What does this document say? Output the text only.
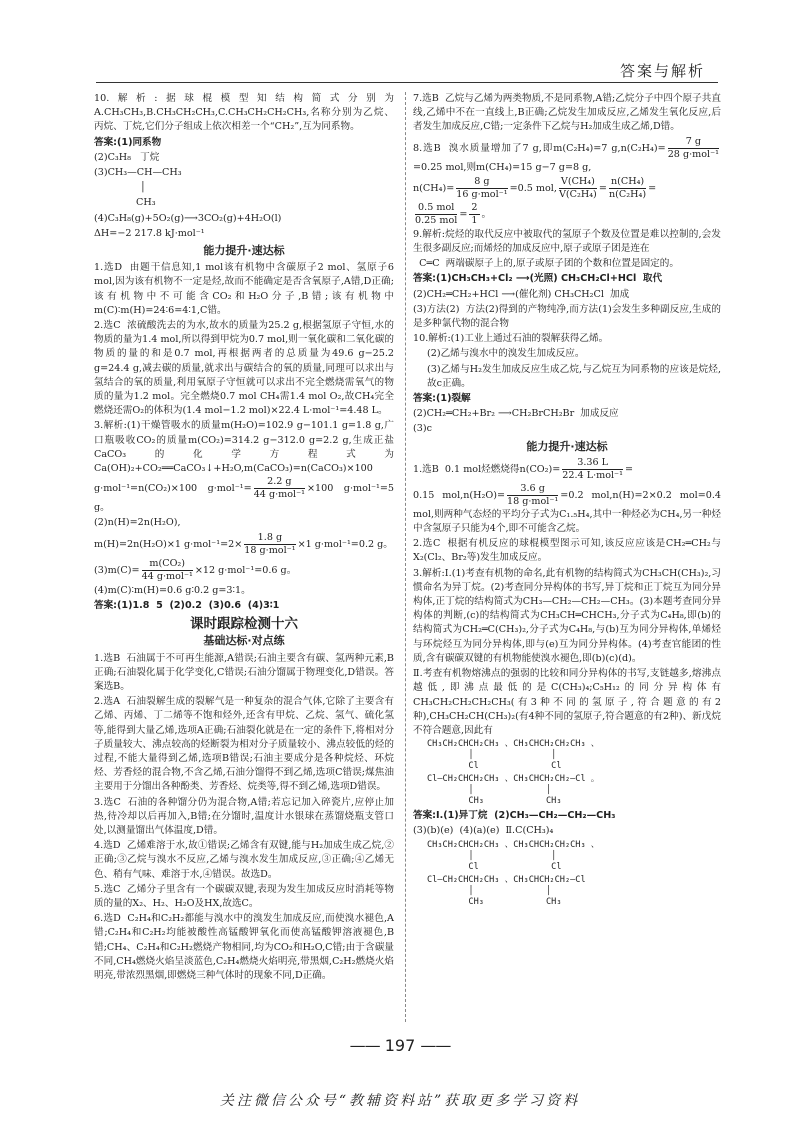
答案与解析

10.解析:据球棍模型知结构简式分别为A.CH₃CH₃,B.CH₃CH₂CH₃,C.CH₃CH₂CH₂CH₃,名称分别为乙烷、丙烷、丁烷,它们分子组成上依次相差一个“CH₂”,互为同系物。

答案:(1)同系物

(2)C₃H₈   丁烷

(3)CH₃—CH—CH₃

│

CH₃

(4)C₃H₈(g)+5O₂(g)⟶3CO₂(g)+4H₂O(l)

ΔH=−2 217.8 kJ·mol⁻¹

能力提升·速达标

1.选D  由题干信息知,1 mol该有机物中含碳原子2 mol、氢原子6 mol,因为该有机物不一定是烃,故而不能确定是否含氧原子,A错,D正确;该有机物中不可能含CO₂和H₂O分子,B错;该有机物中m(C)∶m(H)=24∶6=4∶1,C错。

2.选C  浓硫酸洗去的为水,故水的质量为25.2 g,根据氢原子守恒,水的物质的量为1.4 mol,所以得到甲烷为0.7 mol,则一氧化碳和二氧化碳的物质的量的和是0.7 mol,再根据两者的总质量为49.6 g−25.2 g=24.4 g,减去碳的质量,就求出与碳结合的氧的质量,同理可以求出与氢结合的氧的质量,利用氧原子守恒就可以求出不完全燃烧需氧气的物质的量为1.2 mol。完全燃烧0.7 mol CH₄需1.4 mol O₂,故CH₄完全燃烧还需O₂的体积为(1.4 mol−1.2 mol)×22.4 L·mol⁻¹=4.48 L。

3.解析:(1)干燥管吸水的质量m(H₂O)=102.9 g−101.1 g=1.8 g,广口瓶吸收CO₂的质量m(CO₂)=314.2 g−312.0 g=2.2 g,生成正盐CaCO₃的化学方程式为Ca(OH)₂+CO₂══CaCO₃↓+H₂O,m(CaCO₃)=n(CaCO₃)×100 g·mol⁻¹=n(CO₂)×100 $g\cdot mol^{-1}= \frac{2.2 g}{\text{44 g·mol⁻¹}} \times 100$ g·mol⁻¹=5 g。

(2)n(H)=2n(H₂O),

m(H)=2n(H₂O)×1 $g\cdot mol^{-1}=2\times \frac{1.8 g}{\text{18 g·mol⁻¹}} \times 1$ g·mol⁻¹=0.2 g。

$(3)m(C)= \frac{\text{m(CO₂)}}{\text{44 g·mol⁻¹}} \times 12$ g·mol⁻¹=0.6 g。

(4)m(C)∶m(H)=0.6 g∶0.2 g=3∶1。

答案:(1)1.8  5  (2)0.2  (3)0.6  (4)3∶1

课时跟踪检测十六
基础达标·对点练

1.选B  石油属于不可再生能源,A错误;石油主要含有碳、氢两种元素,B正确;石油裂化属于化学变化,C错误;石油分馏属于物理变化,D错误。答案选B。

2.选A  石油裂解生成的裂解气是一种复杂的混合气体,它除了主要含有乙烯、丙烯、丁二烯等不饱和烃外,还含有甲烷、乙烷、氢气、硫化氢等,能得到大量乙烯,选项A正确;石油裂化就是在一定的条件下,将相对分子质量较大、沸点较高的烃断裂为相对分子质量较小、沸点较低的烃的过程,不能大量得到乙烯,选项B错误;石油主要成分是各种烷烃、环烷烃、芳香烃的混合物,不含乙烯,石油分馏得不到乙烯,选项C错误;煤焦油主要用于分馏出各种酚类、芳香烃、烷类等,得不到乙烯,选项D错误。

3.选C  石油的各种馏分仍为混合物,A错;若忘记加入碎瓷片,应停止加热,待冷却以后再加入,B错;在分馏时,温度计水银球在蒸馏烧瓶支管口处,以测量馏出气体温度,D错。

4.选D  乙烯难溶于水,故①错误;乙烯含有双键,能与H₂加成生成乙烷,②正确;③乙烷与溴水不反应,乙烯与溴水发生加成反应,③正确;④乙烯无色、稍有气味、难溶于水,④错误。故选D。

5.选C  乙烯分子里含有一个碳碳双键,表现为发生加成反应时消耗等物质的量的X₂、H₂、H₂O及HX,故选C。

6.选D  C₂H₄和C₂H₂都能与溴水中的溴发生加成反应,而使溴水褪色,A错;C₂H₄和C₂H₂均能被酸性高锰酸钾氧化而使高锰酸钾溶液褪色,B错;CH₄、C₂H₄和C₂H₂燃烧产物相同,均为CO₂和H₂O,C错;由于含碳量不同,CH₄燃烧火焰呈淡蓝色,C₂H₄燃烧火焰明亮,带黑烟,C₂H₂燃烧火焰明亮,带浓烈黑烟,即燃烧三种气体时的现象不同,D正确。

7.选B  乙烷与乙烯为两类物质,不是同系物,A错;乙烷分子中四个原子共直线,乙烯中不在一直线上,B正确;乙烷发生加成反应,乙烯发生氧化反应,后者发生加成反应,C错;一定条件下乙烷与H₂加成生成乙烯,D错。

8.选B  溴水质量增加了7 g,即m(C₂H₄)=7 $g,n(C_2H_4)= \frac{7 g}{\text{28 g·mol⁻¹}}$
=0.25 mol,则m(CH₄)=15 g−7 g=8 g,

$n(CH_4)= \frac{8 g}{\text{16 g·mol⁻¹}} =0.5$ mol, $\frac{\text{V(CH₄)}}{\text{V(C₂H₄)}} = \frac{\text{n(CH₄)}}{\text{n(C₂H₄)}}$ =

$\frac{\text{0.5 mol}}{\text{0.25 mol}} = \frac{2}{1}$ 。

9.解析:烷烃的取代反应中被取代的氢原子个数及位置是难以控制的,会发生很多副反应;而烯烃的加成反应中,原子或原子团是连在

C═C  两端碳原子上的,原子或原子团的个数和位置是固定的。

答案:(1)CH₃CH₃+Cl₂ ⟶(光照) CH₃CH₂Cl+HCl  取代

(2)CH₂═CH₂+HCl ⟶(催化剂) CH₃CH₂Cl  加成

(3)方法(2)  方法(2)得到的产物纯净,而方法(1)会发生多种副反应,生成的是多种氯代物的混合物

10.解析:(1)工业上通过石油的裂解获得乙烯。

(2)乙烯与溴水中的溴发生加成反应。

(3)乙烯与H₂发生加成反应生成乙烷,与乙烷互为同系物的应该是烷烃,故c正确。

答案:(1)裂解

(2)CH₂═CH₂+Br₂ ⟶CH₂BrCH₂Br  加成反应

(3)c

能力提升·速达标

1.选B  0.1 mol烃燃烧得$n(CO_2)= \frac{3.36 L}{\text{22.4 L·mol⁻¹}}$ =

0.15 $mol,n(H_2O)= \frac{3.6 g}{\text{18 g·mol⁻¹}} =0.2$ mol,n(H)=2×0.2 mol=0.4 mol,则两种气态烃的平均分子式为C₁.₅H₄,其中一种烃必为CH₄,另一种烃中含氢原子只能为4个,即不可能含乙烷。

2.选C  根据有机反应的球棍模型图示可知,该反应应该是CH₂═CH₂与X₂(Cl₂、Br₂等)发生加成反应。

3.解析:Ⅰ.(1)考查有机物的命名,此有机物的结构简式为CH₃CH(CH₃)₂,习惯命名为异丁烷。(2)考查同分异构体的书写,异丁烷和正丁烷互为同分异构体,正丁烷的结构简式为CH₃—CH₂—CH₂—CH₃。(3)本题考查同分异构体的判断,(c)的结构简式为CH₃CH═CHCH₃,分子式为C₄H₈,即(b)的结构简式为CH₂═C(CH₃)₂,分子式为C₄H₈,与(b)互为同分异构体,单烯烃与环烷烃互为同分异构体,即与(e)互为同分异构体。(4)考查官能团的性质,含有碳碳双键的有机物能使溴水褪色,即(b)(c)(d)。

Ⅱ.考查有机物熔沸点的强弱的比较和同分异构体的书写,支链越多,熔沸点越低,即沸点最低的是C(CH₃)₄;C₅H₁₂的同分异构体有CH₃CH₂CH₂CH₂CH₃(有3种不同的氢原子,符合题意的有2种),CH₃CH₂CH(CH₃)₂(有4种不同的氢原子,符合题意的有2种)、新戊烷不符合题意,因此有

CH₃CH₂CHCH₂CH₃ 、CH₃CHCH₂CH₂CH₃ 、
│               │
Cl              Cl
Cl—CH₂CHCH₂CH₃ 、CH₃CHCH₂CH₂—Cl 。
│              │
CH₃            CH₃

答案:Ⅰ.(1)异丁烷  (2)CH₃—CH₂—CH₂—CH₃

(3)(b)(e)  (4)(a)(e)  Ⅱ.C(CH₃)₄

CH₃CH₂CHCH₂CH₃ 、CH₃CHCH₂CH₂CH₃ 、
│               │
Cl              Cl
Cl—CH₂CHCH₂CH₃ 、CH₃CHCH₂CH₂—Cl
│              │
CH₃            CH₃
—— 197 ——
关注微信公众号“教辅资料站”获取更多学习资料
